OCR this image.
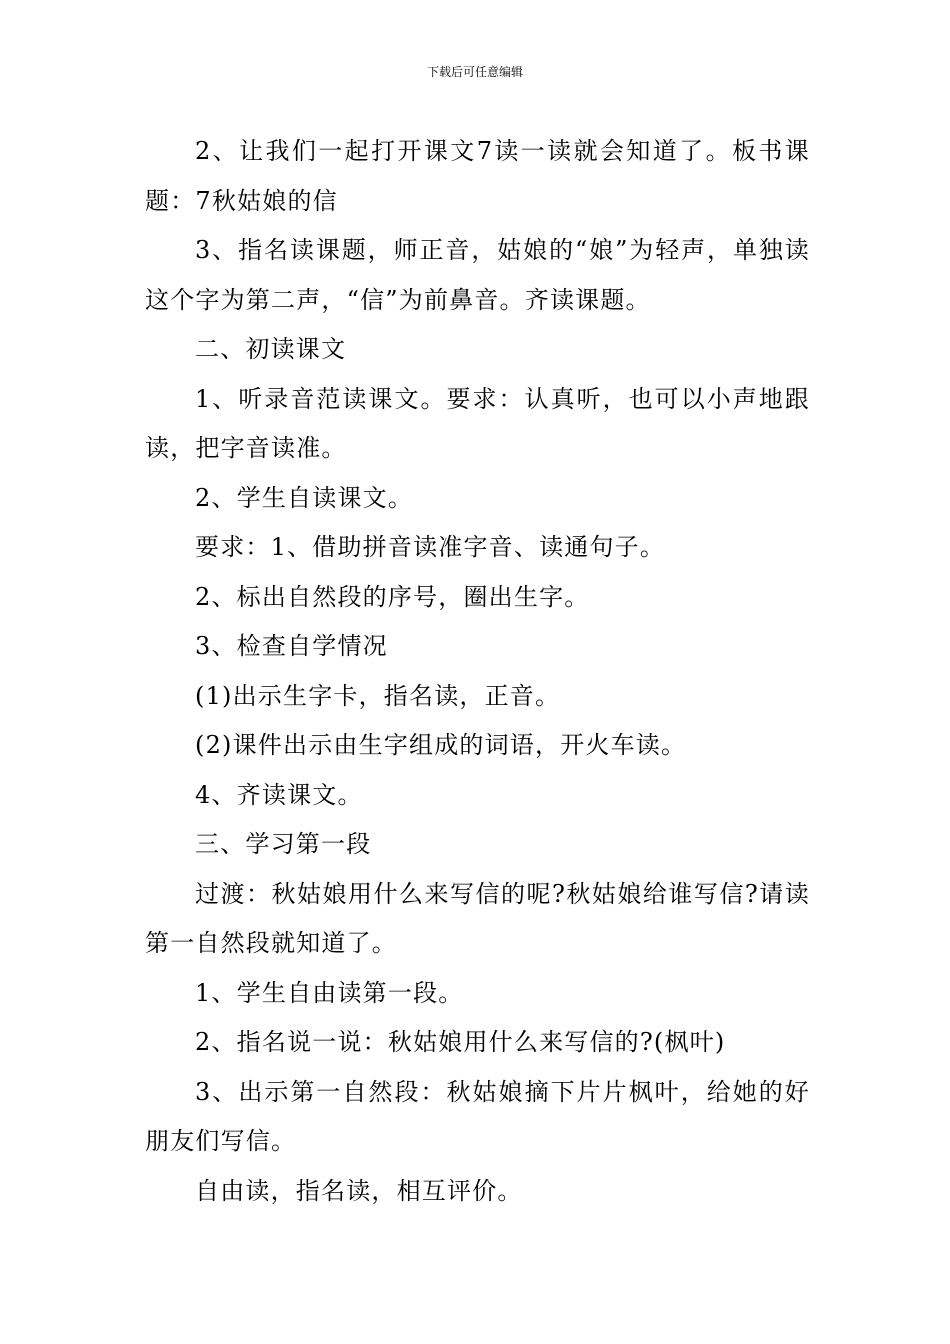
下载后可任意编辑

2、让我们一起打开课文7读一读就会知道了。板书课题：7秋姑娘的信

3、指名读课题，师正音，姑娘的“娘”为轻声，单独读这个字为第二声，“信”为前鼻音。齐读课题。

二、初读课文

1、听录音范读课文。要求：认真听，也可以小声地跟读，把字音读准。

2、学生自读课文。

要求：1、借助拼音读准字音、读通句子。

2、标出自然段的序号，圈出生字。

3、检查自学情况

(1)出示生字卡，指名读，正音。

(2)课件出示由生字组成的词语，开火车读。

4、齐读课文。

三、学习第一段

过渡：秋姑娘用什么来写信的呢?秋姑娘给谁写信?请读第一自然段就知道了。

1、学生自由读第一段。

2、指名说一说：秋姑娘用什么来写信的?(枫叶)

3、出示第一自然段：秋姑娘摘下片片枫叶，给她的好朋友们写信。

自由读，指名读，相互评价。
